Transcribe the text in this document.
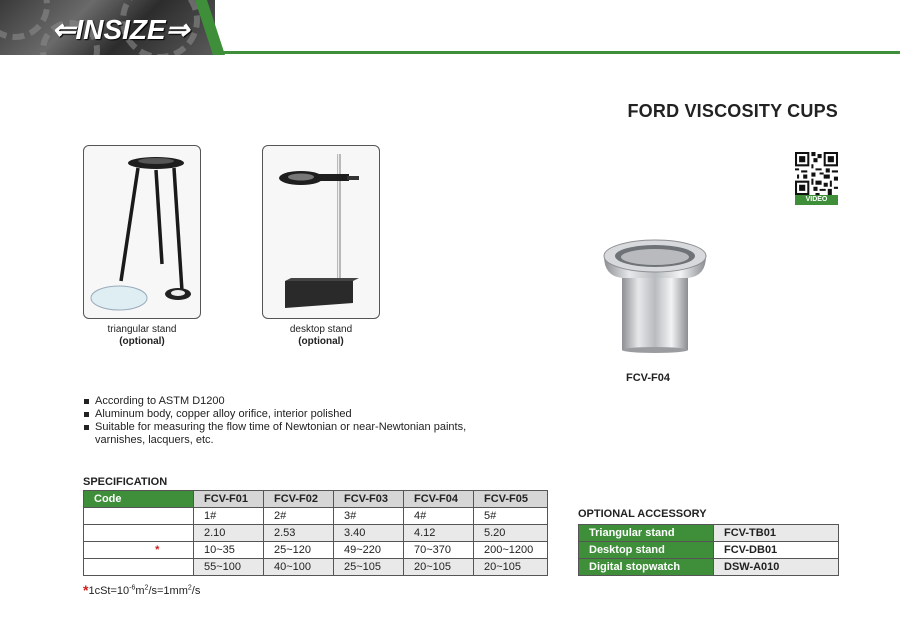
⇐INSIZE⇒
FORD VISCOSITY CUPS
triangular stand
(optional)
desktop stand
(optional)
VIDEO
FCV-F04
According to ASTM D1200
Aluminum body, copper alloy orifice, interior polished
Suitable for measuring the flow time of Newtonian or near-Newtonian paints, varnishes, lacquers, etc.
SPECIFICATION
Code	FCV-F01	FCV-F02	FCV-F03	FCV-F04	FCV-F05
Cup No.	1#	2#	3#	4#	5#
Orifice (mm)	2.10	2.53	3.40	4.12	5.20
Range (cSt)*	10~35	25~120	49~220	70~370	200~1200
Efflux (s)	55~100	40~100	25~105	20~105	20~105
OPTIONAL ACCESSORY
Triangular stand	FCV-TB01
Desktop stand	FCV-DB01
Digital stopwatch	DSW-A010
$*1cSt=10^{-6}m^2/s=1mm^2/s$
